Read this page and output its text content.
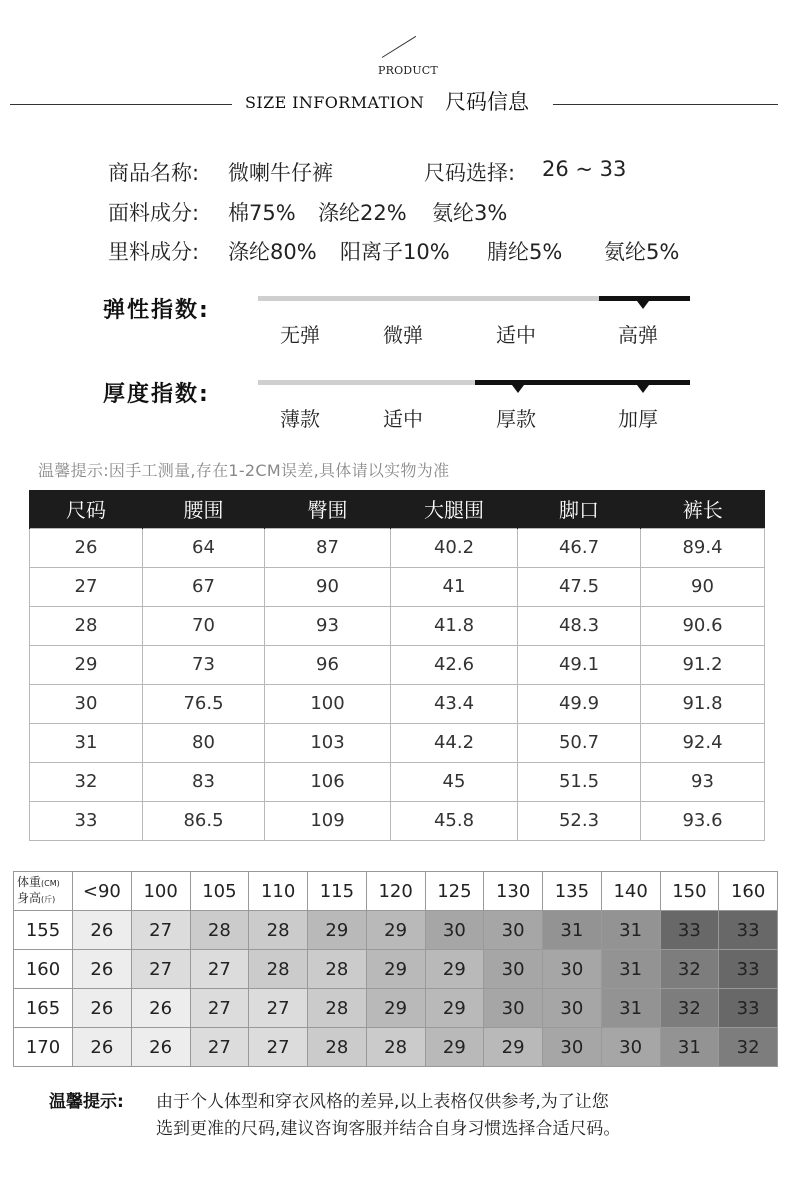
PRODUCT
SIZE INFORMATION 尺码信息
商品名称: 微喇牛仔裤	尺码选择: 26 ~ 33
面料成分: 棉75% 涤纶22% 氨纶3%
里料成分: 涤纶80% 阳离子10% 腈纶5% 氨纶5%
弹性指数:
无弹	微弹	适中	高弹
厚度指数:
薄款	适中	厚款	加厚
温馨提示:因手工测量,存在1-2CM误差,具体请以实物为准
尺码	腰围	臀围	大腿围	脚口	裤长
26	64	87	40.2	46.7	89.4
27	67	90	41	47.5	90
28	70	93	41.8	48.3	90.6
29	73	96	42.6	49.1	91.2
30	76.5	100	43.4	49.9	91.8
31	80	103	44.2	50.7	92.4
32	83	106	45	51.5	93
33	86.5	109	45.8	52.3	93.6
体重(CM)
身高(斤)	<90	100	105	110	115	120	125	130	135	140	150	160
155	26	27	28	28	29	29	30	30	31	31	33	33
160	26	27	27	28	28	29	29	30	30	31	32	33
165	26	26	27	27	28	29	29	30	30	31	32	33
170	26	26	27	27	28	28	29	29	30	30	31	32
温馨提示: 由于个人体型和穿衣风格的差异,以上表格仅供参考,为了让您
选到更准的尺码,建议咨询客服并结合自身习惯选择合适尺码。
